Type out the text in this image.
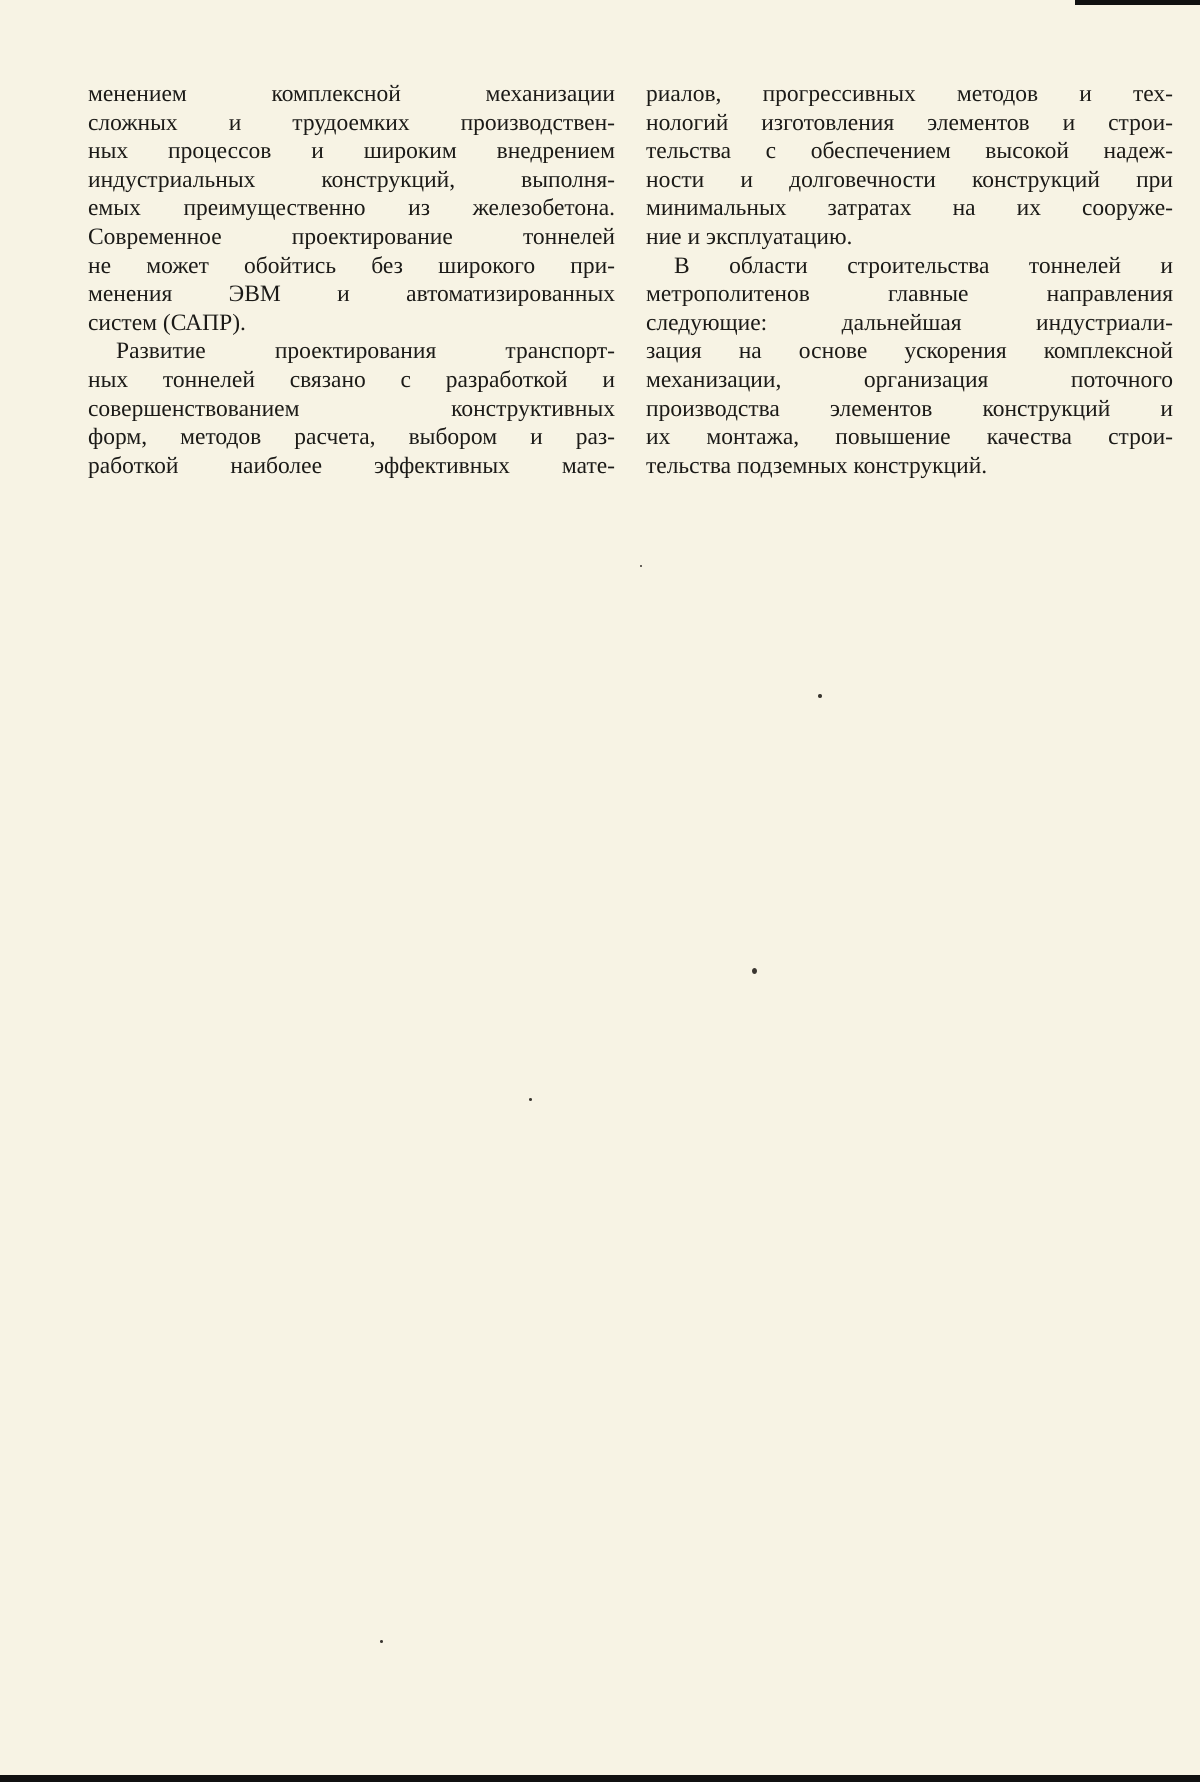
менением комплексной механизации
сложных и трудоемких производствен-
ных процессов и широким внедрением
индустриальных конструкций, выполня-
емых преимущественно из железобетона.
Современное проектирование тоннелей
не может обойтись без широкого при-
менения ЭВМ и автоматизированных
систем (САПР).
Развитие проектирования транспорт-
ных тоннелей связано с разработкой и
совершенствованием конструктивных
форм, методов расчета, выбором и раз-
работкой наиболее эффективных мате-
риалов, прогрессивных методов и тех-
нологий изготовления элементов и строи-
тельства с обеспечением высокой надеж-
ности и долговечности конструкций при
минимальных затратах на их сооруже-
ние и эксплуатацию.
В области строительства тоннелей и
метрополитенов главные направления
следующие: дальнейшая индустриали-
зация на основе ускорения комплексной
механизации, организация поточного
производства элементов конструкций и
их монтажа, повышение качества строи-
тельства подземных конструкций.
